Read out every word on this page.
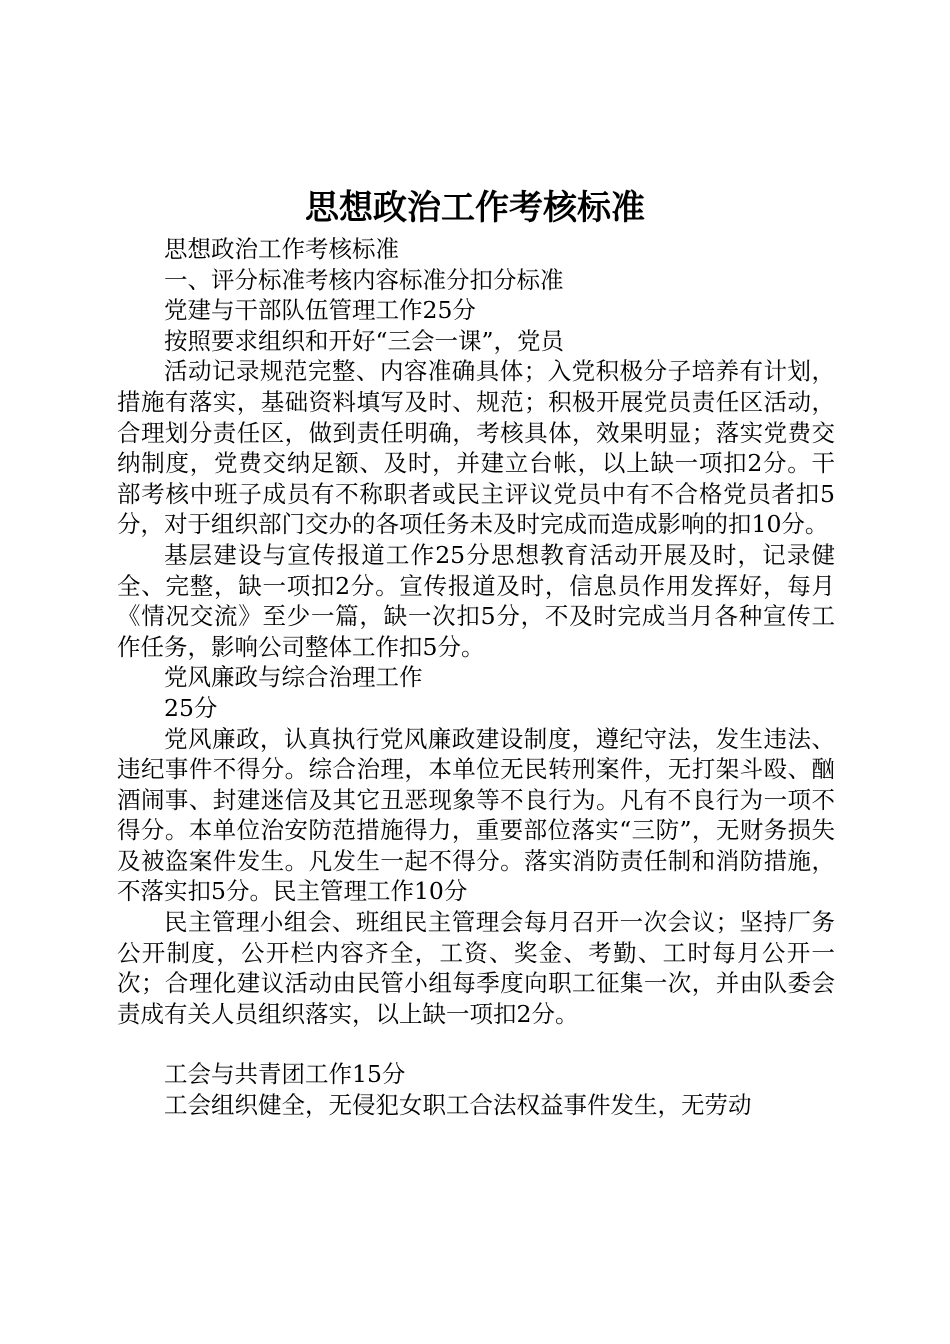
思想政治工作考核标准

思想政治工作考核标准

一、评分标准考核内容标准分扣分标准

党建与干部队伍管理工作25分

按照要求组织和开好“三会一课”，党员

活动记录规范完整、内容准确具体；入党积极分子培养有计划，措施有落实，基础资料填写及时、规范；积极开展党员责任区活动，合理划分责任区，做到责任明确，考核具体，效果明显；落实党费交纳制度，党费交纳足额、及时，并建立台帐，以上缺一项扣2分。干部考核中班子成员有不称职者或民主评议党员中有不合格党员者扣5分，对于组织部门交办的各项任务未及时完成而造成影响的扣10分。

基层建设与宣传报道工作25分思想教育活动开展及时，记录健全、完整，缺一项扣2分。宣传报道及时，信息员作用发挥好，每月《情况交流》至少一篇，缺一次扣5分，不及时完成当月各种宣传工作任务，影响公司整体工作扣5分。

党风廉政与综合治理工作

25分

党风廉政，认真执行党风廉政建设制度，遵纪守法，发生违法、违纪事件不得分。综合治理，本单位无民转刑案件，无打架斗殴、酗酒闹事、封建迷信及其它丑恶现象等不良行为。凡有不良行为一项不得分。本单位治安防范措施得力，重要部位落实“三防”，无财务损失及被盗案件发生。凡发生一起不得分。落实消防责任制和消防措施，不落实扣5分。民主管理工作10分

民主管理小组会、班组民主管理会每月召开一次会议；坚持厂务公开制度，公开栏内容齐全，工资、奖金、考勤、工时每月公开一次；合理化建议活动由民管小组每季度向职工征集一次，并由队委会责成有关人员组织落实，以上缺一项扣2分。

工会与共青团工作15分

工会组织健全，无侵犯女职工合法权益事件发生，无劳动
